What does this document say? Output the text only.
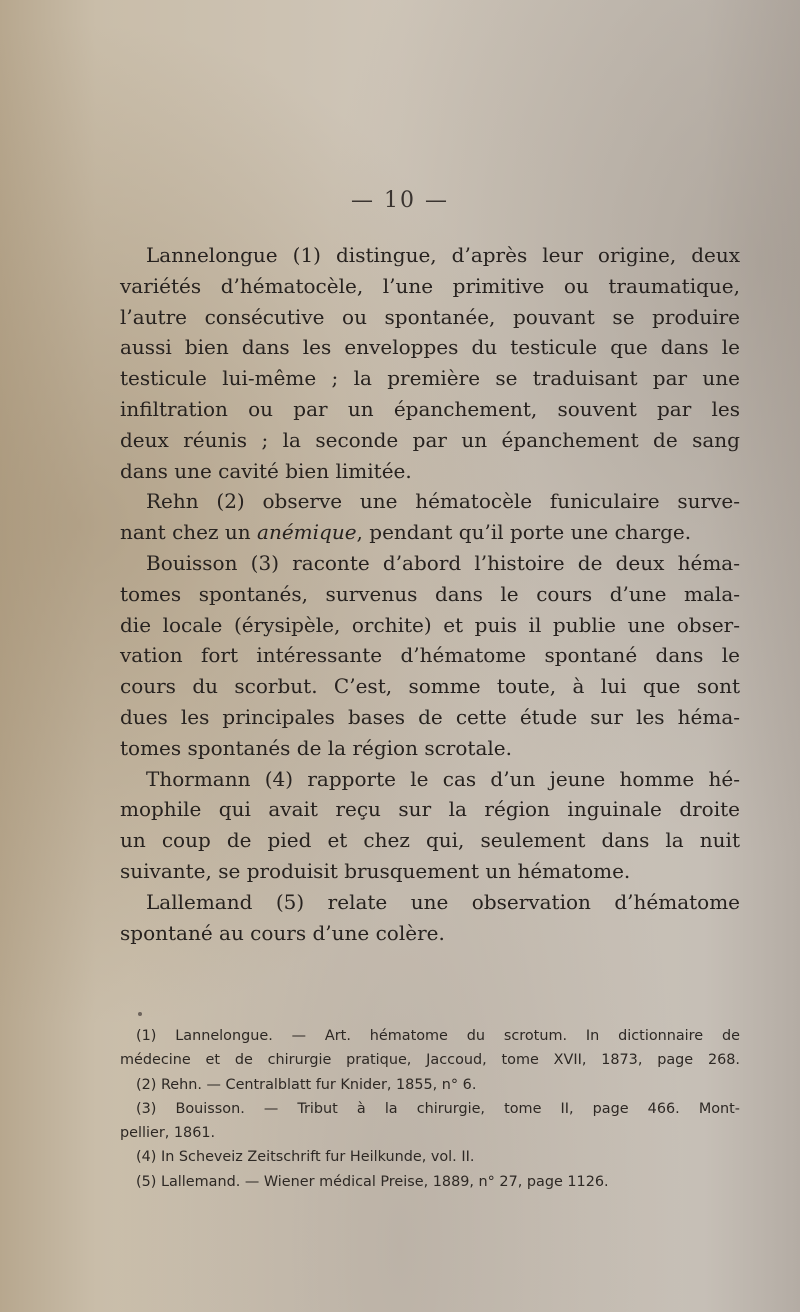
— 10 —
Lannelongue (1) distingue, d’après leur origine, deux
variétés d’hématocèle, l’une primitive ou traumatique,
l’autre consécutive ou spontanée, pouvant se produire
aussi bien dans les enveloppes du testicule que dans le
testicule lui-même ; la première se traduisant par une
infiltration ou par un épanchement, souvent par les
deux réunis ; la seconde par un épanchement de sang
dans une cavité bien limitée.
Rehn (2) observe une hématocèle funiculaire surve-
nant chez un anémique, pendant qu’il porte une charge.
Bouisson (3) raconte d’abord l’histoire de deux héma-
tomes spontanés, survenus dans le cours d’une mala-
die locale (érysipèle, orchite) et puis il publie une obser-
vation fort intéressante d’hématome spontané dans le
cours du scorbut. C’est, somme toute, à lui que sont
dues les principales bases de cette étude sur les héma-
tomes spontanés de la région scrotale.
Thormann (4) rapporte le cas d’un jeune homme hé-
mophile qui avait reçu sur la région inguinale droite
un coup de pied et chez qui, seulement dans la nuit
suivante, se produisit brusquement un hématome.
Lallemand (5) relate une observation d’hématome
spontané au cours d’une colère.
(1) Lannelongue. — Art. hématome du scrotum. In dictionnaire de
médecine et de chirurgie pratique, Jaccoud, tome XVII, 1873, page 268.
(2) Rehn. — Centralblatt fur Knider, 1855, n° 6.
(3) Bouisson. — Tribut à la chirurgie, tome II, page 466. Mont-
pellier, 1861.
(4) In Scheveiz Zeitschrift fur Heilkunde, vol. II.
(5) Lallemand. — Wiener médical Preise, 1889, n° 27, page 1126.
